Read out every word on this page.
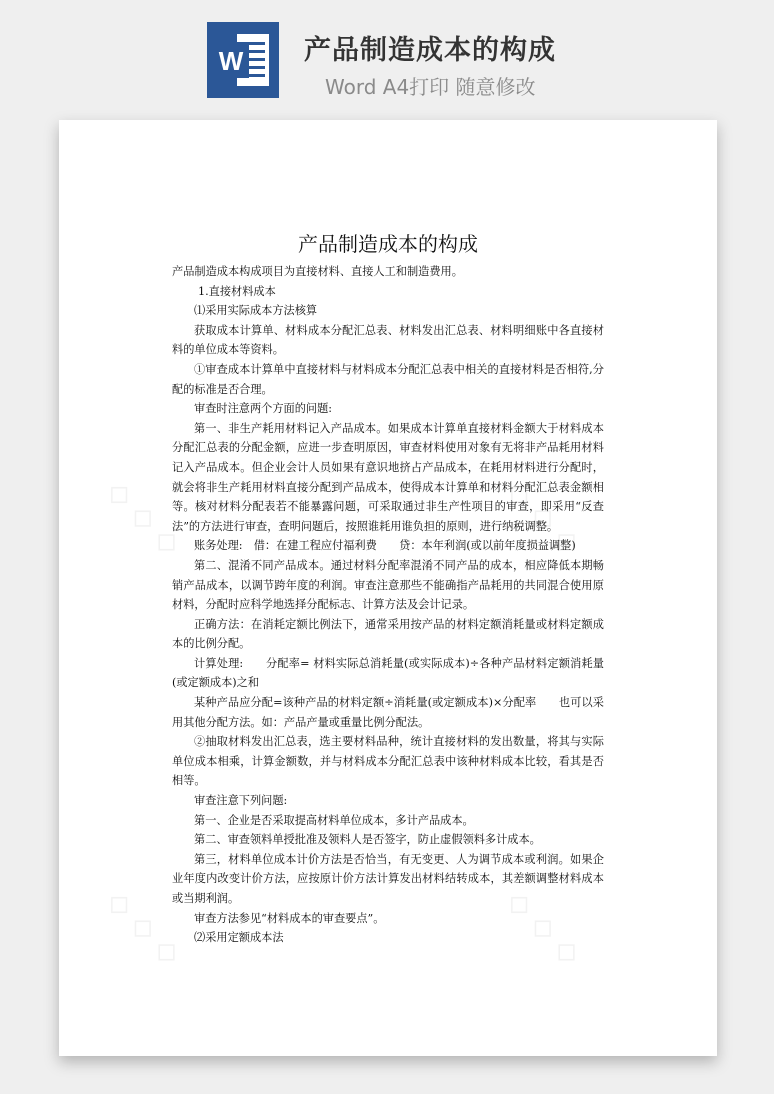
W 产品制造成本的构成
Word A4打印 随意修改
◇ ◇ ◇	◇ ◇ ◇
◇ ◇ ◇	◇ ◇ ◇
产品制造成本的构成

产品制造成本构成项目为直接材料、直接人工和制造费用。

1.直接材料成本

⑴采用实际成本方法核算

获取成本计算单、材料成本分配汇总表、材料发出汇总表、材料明细账中各直接材料的单位成本等资料。

①审查成本计算单中直接材料与材料成本分配汇总表中相关的直接材料是否相符,分配的标准是否合理。

审查时注意两个方面的问题:

第一、非生产耗用材料记入产品成本。如果成本计算单直接材料金额大于材料成本分配汇总表的分配金额，应进一步查明原因，审查材料使用对象有无将非产品耗用材料记入产品成本。但企业会计人员如果有意识地挤占产品成本，在耗用材料进行分配时，就会将非生产耗用材料直接分配到产品成本，使得成本计算单和材料分配汇总表金额相等。核对材料分配表若不能暴露问题，可采取通过非生产性项目的审查，即采用“反查法”的方法进行审查，查明问题后，按照谁耗用谁负担的原则，进行纳税调整。

账务处理:　借：在建工程应付福利费　　贷：本年利润(或以前年度损益调整)

第二、混淆不同产品成本。通过材料分配率混淆不同产品的成本，相应降低本期畅销产品成本，以调节跨年度的利润。审查注意那些不能确指产品耗用的共同混合使用原材料，分配时应科学地选择分配标志、计算方法及会计记录。

正确方法：在消耗定额比例法下，通常采用按产品的材料定额消耗量或材料定额成本的比例分配。

计算处理:　　分配率= 材料实际总消耗量(或实际成本)÷各种产品材料定额消耗量(或定额成本)之和

某种产品应分配=该种产品的材料定额÷消耗量(或定额成本)×分配率　　也可以采用其他分配方法。如：产品产量或重量比例分配法。

②抽取材料发出汇总表，选主要材料品种，统计直接材料的发出数量，将其与实际单位成本相乘，计算金额数，并与材料成本分配汇总表中该种材料成本比较，看其是否相等。

审查注意下列问题:

第一、企业是否采取提高材料单位成本，多计产品成本。

第二、审查领料单授批准及领料人是否签字，防止虚假领料多计成本。

第三，材料单位成本计价方法是否恰当，有无变更、人为调节成本或利润。如果企业年度内改变计价方法，应按原计价方法计算发出材料结转成本，其差额调整材料成本或当期利润。

审查方法参见“材料成本的审查要点”。

⑵采用定额成本法
